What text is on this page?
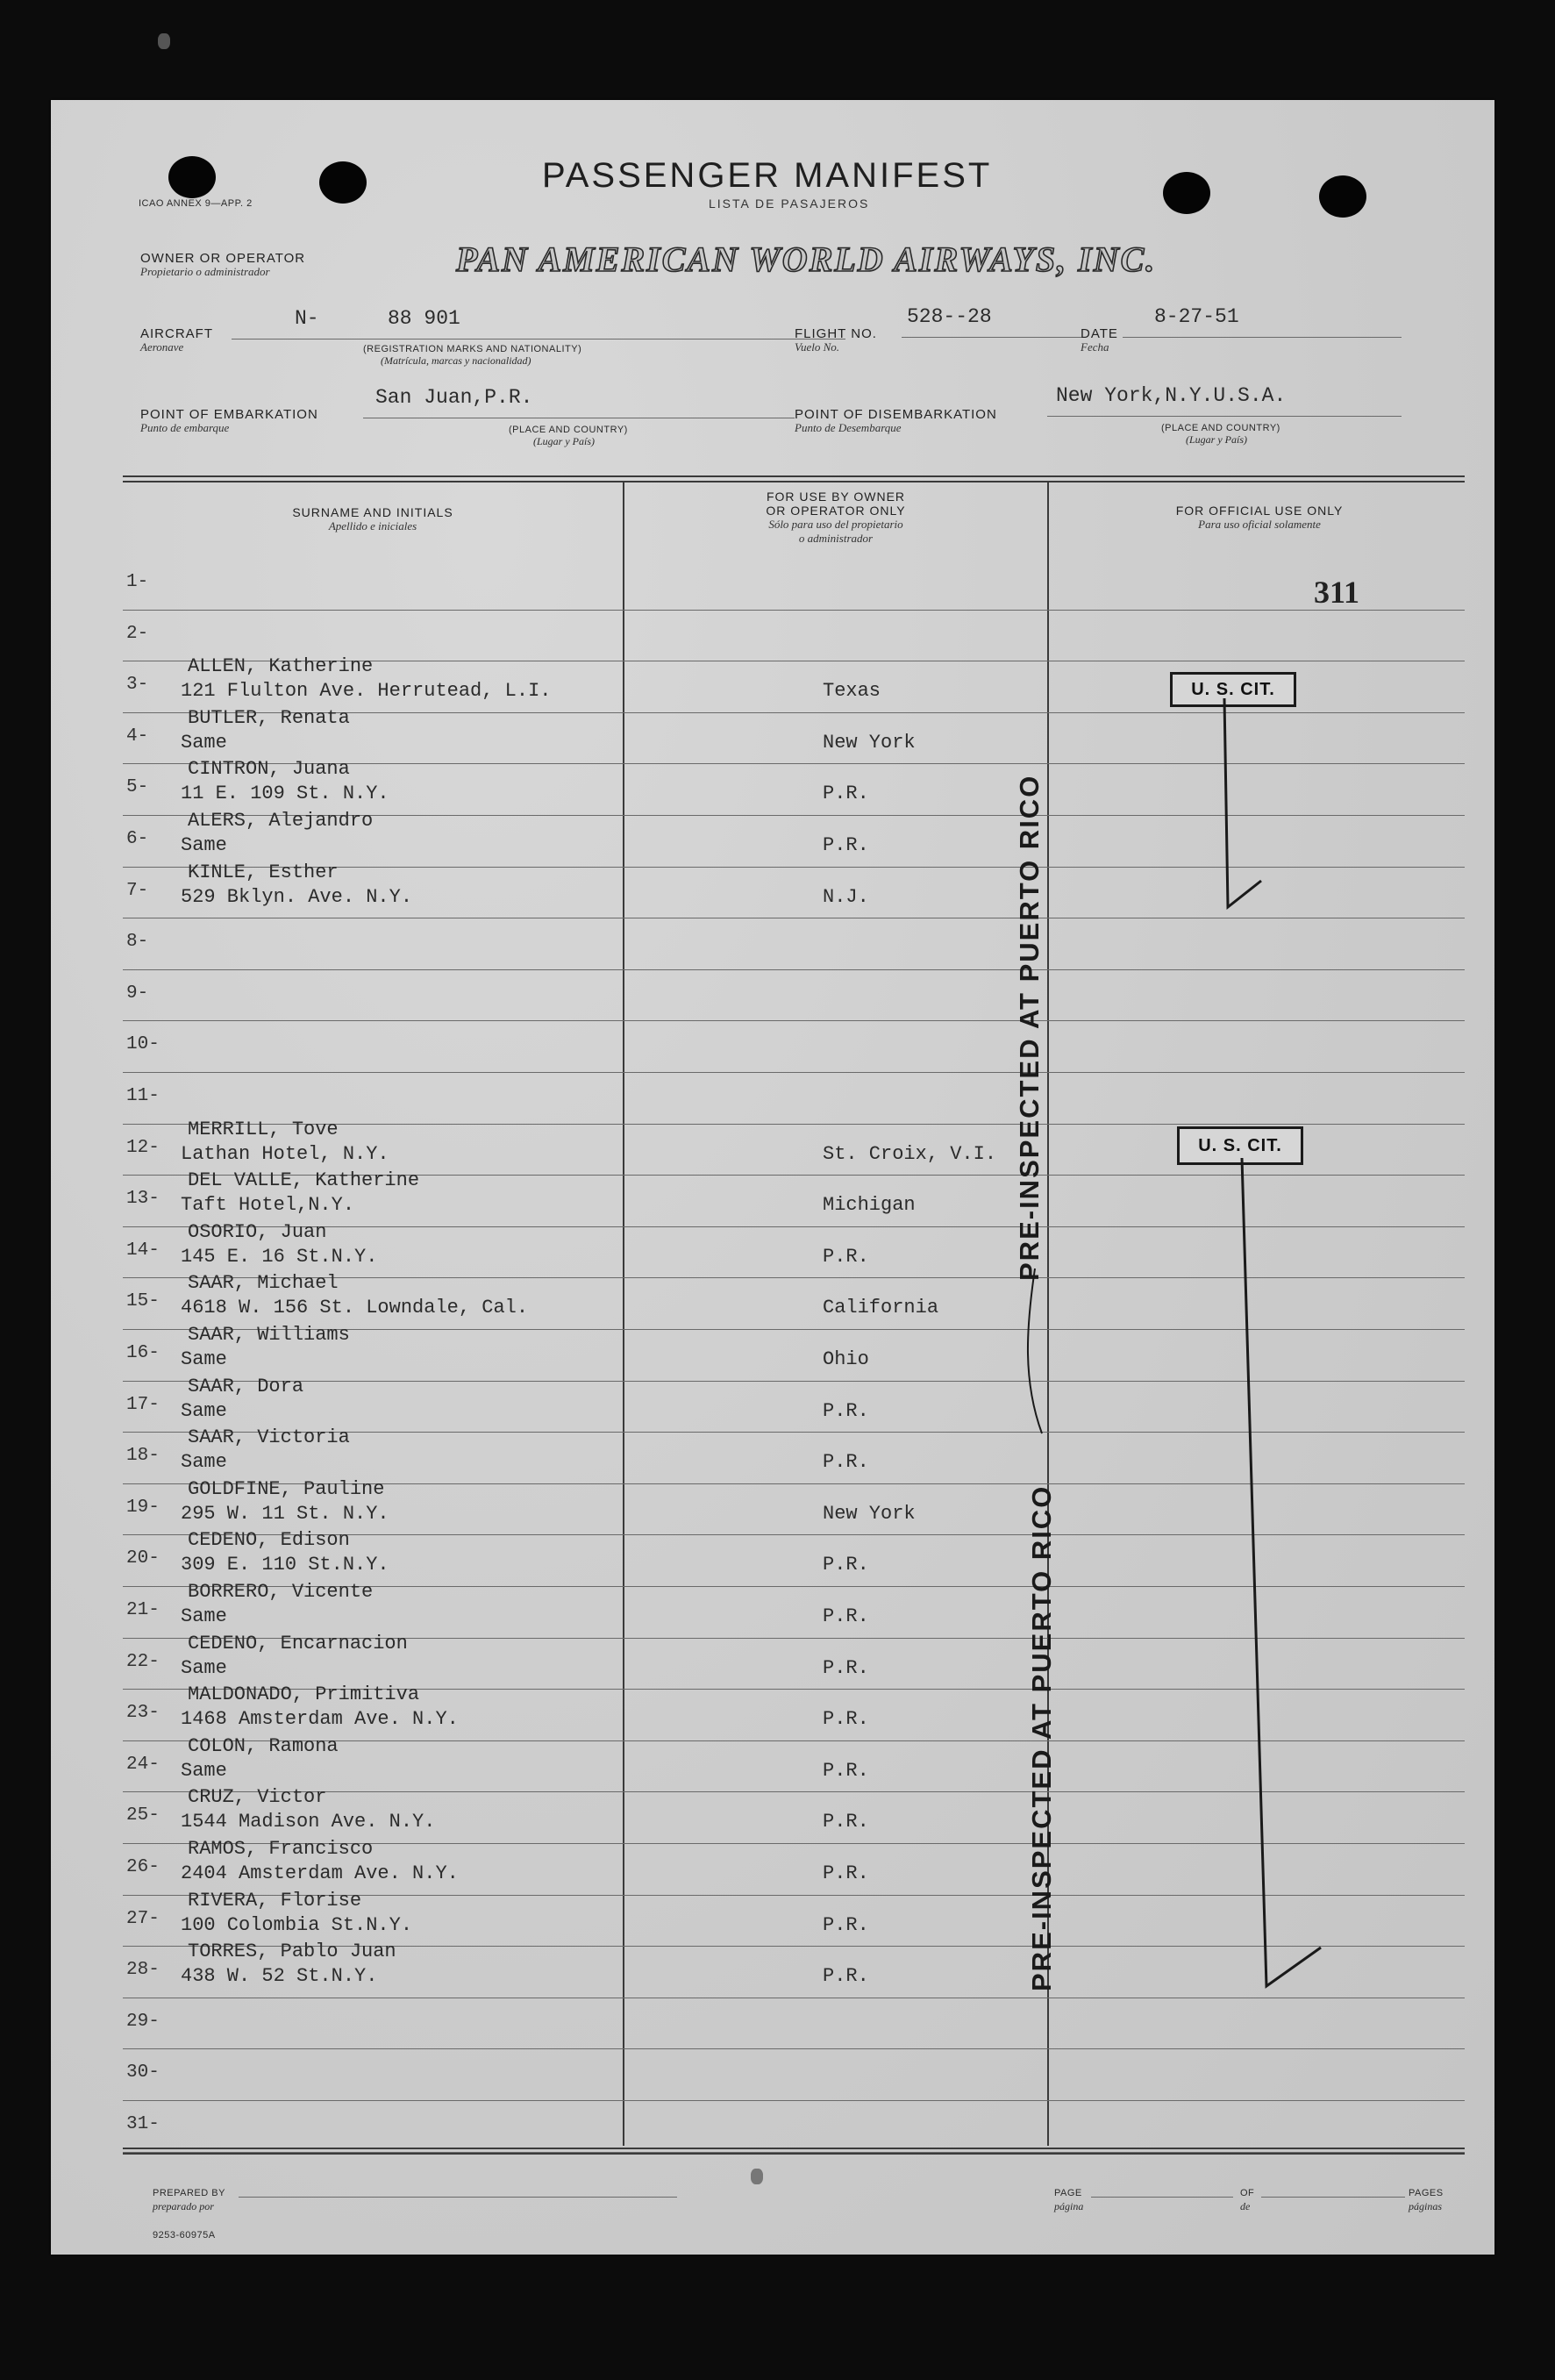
ICAO ANNEX 9—APP. 2
PASSENGER MANIFEST
LISTA DE PASAJEROS
OWNER OR OPERATOR
Propietario o administrador	PAN AMERICAN WORLD AIRWAYS, INC.
AIRCRAFT
Aeronave
N-	88 901
(REGISTRATION MARKS AND NATIONALITY)
(Matrícula, marcas y nacionalidad)
FLIGHT NO.
Vuelo No.
528--28
DATE
Fecha
8-27-51
POINT OF EMBARKATION
Punto de embarque
San Juan,P.R.
(PLACE AND COUNTRY)
(Lugar y País)
POINT OF DISEMBARKATION
Punto de Desembarque
New York,N.Y.U.S.A.
(PLACE AND COUNTRY)
(Lugar y País)
SURNAME AND INITIALS
Apellido e iniciales
FOR USE BY OWNER
OR OPERATOR ONLY
Sólo para uso del propietario
o administrador
FOR OFFICIAL USE ONLY
Para uso oficial solamente
311
1-
2-
3-
ALLEN, Katherine
121 Flulton Ave. Herrutead, L.I.	Texas
4-
BUTLER, Renata
Same	New York
5-
CINTRON, Juana
11 E. 109 St. N.Y.	P.R.
6-
ALERS, Alejandro
Same	P.R.
7-
KINLE, Esther
529 Bklyn. Ave. N.Y.	N.J.
8-
9-
10-
11-
12-
MERRILL, Tove
Lathan Hotel, N.Y.	St. Croix, V.I.
13-
DEL VALLE, Katherine
Taft Hotel,N.Y.	Michigan
14-
OSORIO, Juan
145 E. 16 St.N.Y.	P.R.
15-
SAAR, Michael
4618 W. 156 St. Lowndale, Cal.	California
16-
SAAR, Williams
Same	Ohio
17-
SAAR, Dora
Same	P.R.
18-
SAAR, Victoria
Same	P.R.
19-
GOLDFINE, Pauline
295 W. 11 St. N.Y.	New York
20-
CEDENO, Edison
309 E. 110 St.N.Y.	P.R.
21-
BORRERO, Vicente
Same	P.R.
22-
CEDENO, Encarnacion
Same	P.R.
23-
MALDONADO, Primitiva
1468 Amsterdam Ave. N.Y.	P.R.
24-
COLON, Ramona
Same	P.R.
25-
CRUZ, Victor
1544 Madison Ave. N.Y.	P.R.
26-
RAMOS, Francisco
2404 Amsterdam Ave. N.Y.	P.R.
27-
RIVERA, Florise
100 Colombia St.N.Y.	P.R.
28-
TORRES, Pablo Juan
438 W. 52 St.N.Y.	P.R.
29-
30-
31-
U. S. CIT.
U. S. CIT.
PRE-INSPECTED AT PUERTO RICO
PRE-INSPECTED AT PUERTO RICO
PREPARED BY
preparado por
PAGE
página
OF
de
PAGES
páginas
9253-60975A
